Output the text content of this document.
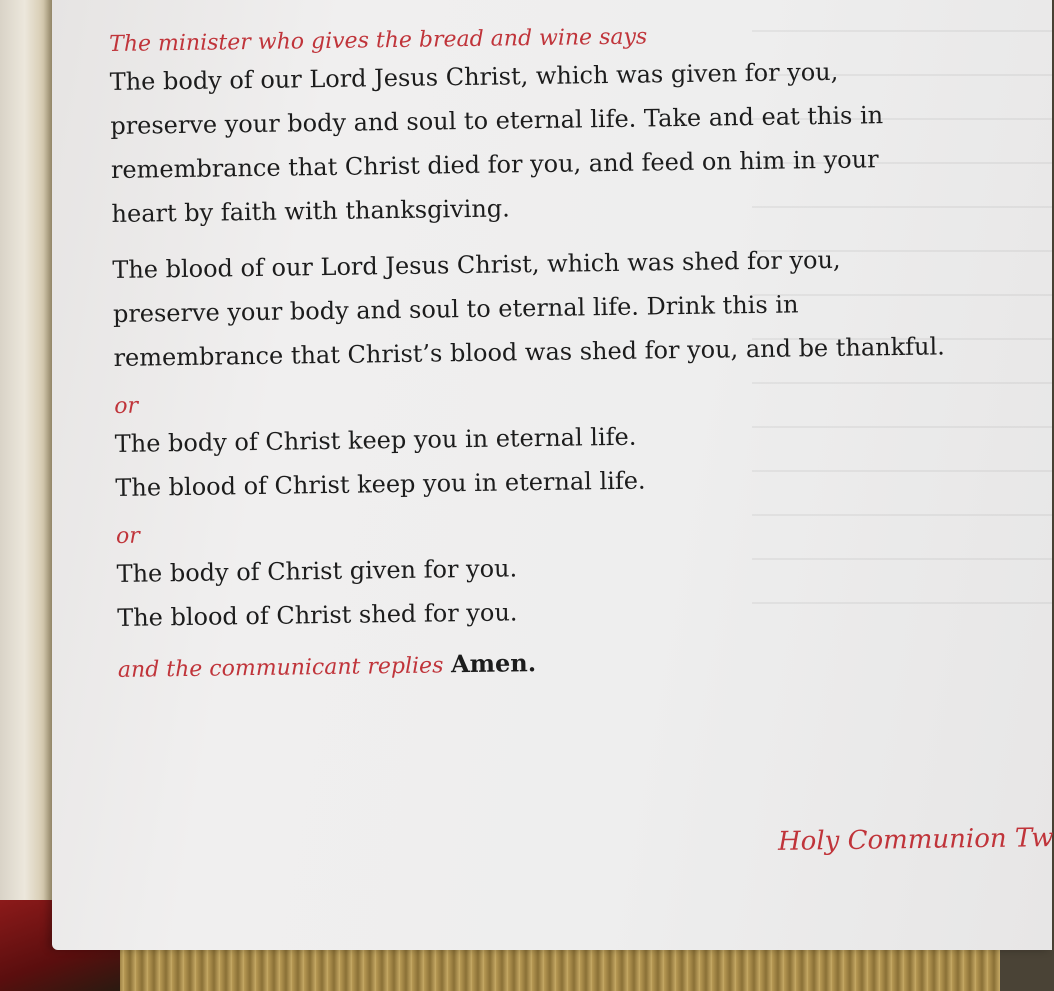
The minister who gives the bread and wine says

The body of our Lord Jesus Christ, which was given for you,

preserve your body and soul to eternal life. Take and eat this in

remembrance that Christ died for you, and feed on him in your

heart by faith with thanksgiving.

The blood of our Lord Jesus Christ, which was shed for you,

preserve your body and soul to eternal life. Drink this in

remembrance that Christ’s blood was shed for you, and be thankful.

or

The body of Christ keep you in eternal life.

The blood of Christ keep you in eternal life.

or

The body of Christ given for you.

The blood of Christ shed for you.

and the communicant replies Amen.

Holy Communion Tw
